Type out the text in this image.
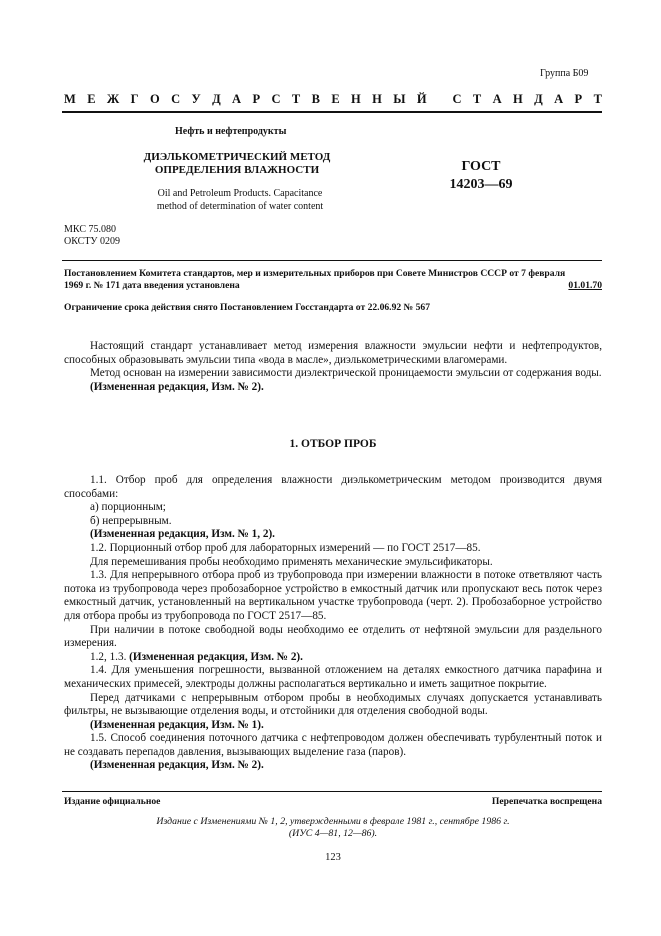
Группа Б09
М Е Ж Г О С У Д А Р С Т В Е Н Н Ы Й
С Т А Н Д А Р Т
Нефть и нефтепродукты
ДИЭЛЬКОМЕТРИЧЕСКИЙ МЕТОД
ОПРЕДЕЛЕНИЯ ВЛАЖНОСТИ
Oil and Petroleum Products. Capacitance
method of determination of water content
ГОСТ
14203—69
МКС 75.080
ОКСТУ 0209
Постановлением Комитета стандартов, мер и измерительных приборов при Совете Министров СССР от 7 февраля
1969 г. № 171 дата введения установлена	01.01.70
Ограничение срока действия снято Постановлением Госстандарта от 22.06.92 № 567

Настоящий стандарт устанавливает метод измерения влажности эмульсии нефти и нефтепродуктов, способных образовывать эмульсии типа «вода в масле», диэлькометрическими влагомерами.

Метод основан на измерении зависимости диэлектрической проницаемости эмульсии от содержания воды.

(Измененная редакция, Изм. № 2).

1. ОТБОР ПРОБ

1.1. Отбор проб для определения влажности диэлькометрическим методом производится двумя способами:

а) порционным;

б) непрерывным.

(Измененная редакция, Изм. № 1, 2).

1.2. Порционный отбор проб для лабораторных измерений — по ГОСТ 2517—85.

Для перемешивания пробы необходимо применять механические эмульсификаторы.

1.3. Для непрерывного отбора проб из трубопровода при измерении влажности в потоке ответвляют часть потока из трубопровода через пробозаборное устройство в емкостный датчик или пропускают весь поток через емкостный датчик, установленный на вертикальном участке трубопровода (черт. 2). Пробозаборное устройство для отбора пробы из трубопровода по ГОСТ 2517—85.

При наличии в потоке свободной воды необходимо ее отделить от нефтяной эмульсии для раздельного измерения.

1.2, 1.3. (Измененная редакция, Изм. № 2).

1.4. Для уменьшения погрешности, вызванной отложением на деталях емкостного датчика парафина и механических примесей, электроды должны располагаться вертикально и иметь защитное покрытие.

Перед датчиками с непрерывным отбором пробы в необходимых случаях допускается устанавливать фильтры, не вызывающие отделения воды, и отстойники для отделения свободной воды.

(Измененная редакция, Изм. № 1).

1.5. Способ соединения поточного датчика с нефтепроводом должен обеспечивать турбулентный поток и не создавать перепадов давления, вызывающих выделение газа (паров).

(Измененная редакция, Изм. № 2).

Издание официальное	Перепечатка воспрещена
Издание с Изменениями № 1, 2, утвержденными в феврале 1981 г., сентябре 1986 г.
(ИУС 4—81, 12—86).
123
